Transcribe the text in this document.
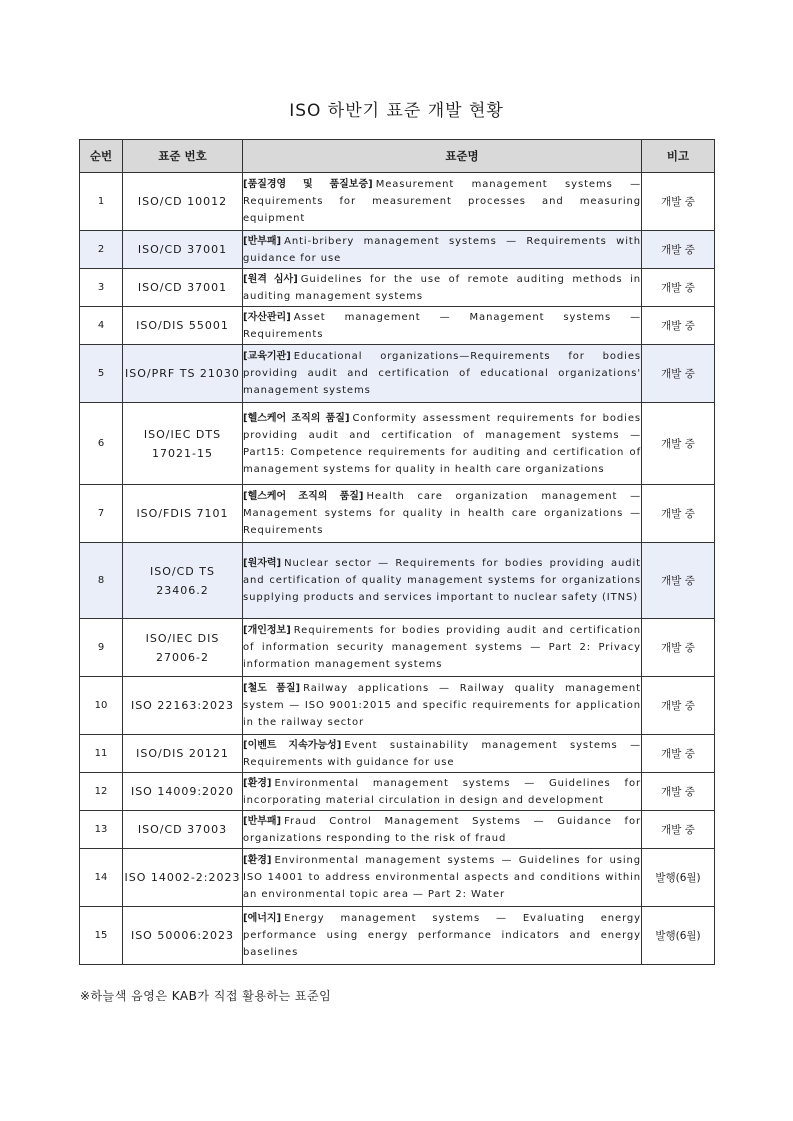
ISO 하반기 표준 개발 현황
순번	표준 번호	표준명	비고
1	ISO/CD 10012	[품질경영 및 품질보증] Measurement management systems — Requirements for measurement processes and measuring equipment	개발 중
2	ISO/CD 37001	[반부패] Anti-bribery management systems — Requirements with guidance for use	개발 중
3	ISO/CD 37001	[원격 심사] Guidelines for the use of remote auditing methods in auditing management systems	개발 중
4	ISO/DIS 55001	[자산관리] Asset management — Management systems — Requirements	개발 중
5	ISO/PRF TS 21030	[교육기관] Educational organizations—Requirements for bodies providing audit and certification of educational organizations' management systems	개발 중
6	ISO/IEC DTS 17021-15	[헬스케어 조직의 품질] Conformity assessment requirements for bodies providing audit and certification of management systems — Part15: Competence requirements for auditing and certification of management systems for quality in health care organizations	개발 중
7	ISO/FDIS 7101	[헬스케어 조직의 품질] Health care organization management — Management systems for quality in health care organizations — Requirements	개발 중
8	ISO/CD TS 23406.2	[원자력] Nuclear sector — Requirements for bodies providing audit and certification of quality management systems for organizations supplying products and services important to nuclear safety (ITNS)	개발 중
9	ISO/IEC DIS 27006-2	[개인정보] Requirements for bodies providing audit and certification of information security management systems — Part 2: Privacy information management systems	개발 중
10	ISO 22163:2023	[철도 품질] Railway applications — Railway quality management system — ISO 9001:2015 and specific requirements for application in the railway sector	개발 중
11	ISO/DIS 20121	[이벤트 지속가능성] Event sustainability management systems — Requirements with guidance for use	개발 중
12	ISO 14009:2020	[환경] Environmental management systems — Guidelines for incorporating material circulation in design and development	개발 중
13	ISO/CD 37003	[반부패] Fraud Control Management Systems — Guidance for organizations responding to the risk of fraud	개발 중
14	ISO 14002-2:2023	[환경] Environmental management systems — Guidelines for using ISO 14001 to address environmental aspects and conditions within an environmental topic area — Part 2: Water	발행(6월)
15	ISO 50006:2023	[에너지] Energy management systems — Evaluating energy performance using energy performance indicators and energy baselines	발행(6월)

※하늘색 음영은 KAB가 직접 활용하는 표준임
